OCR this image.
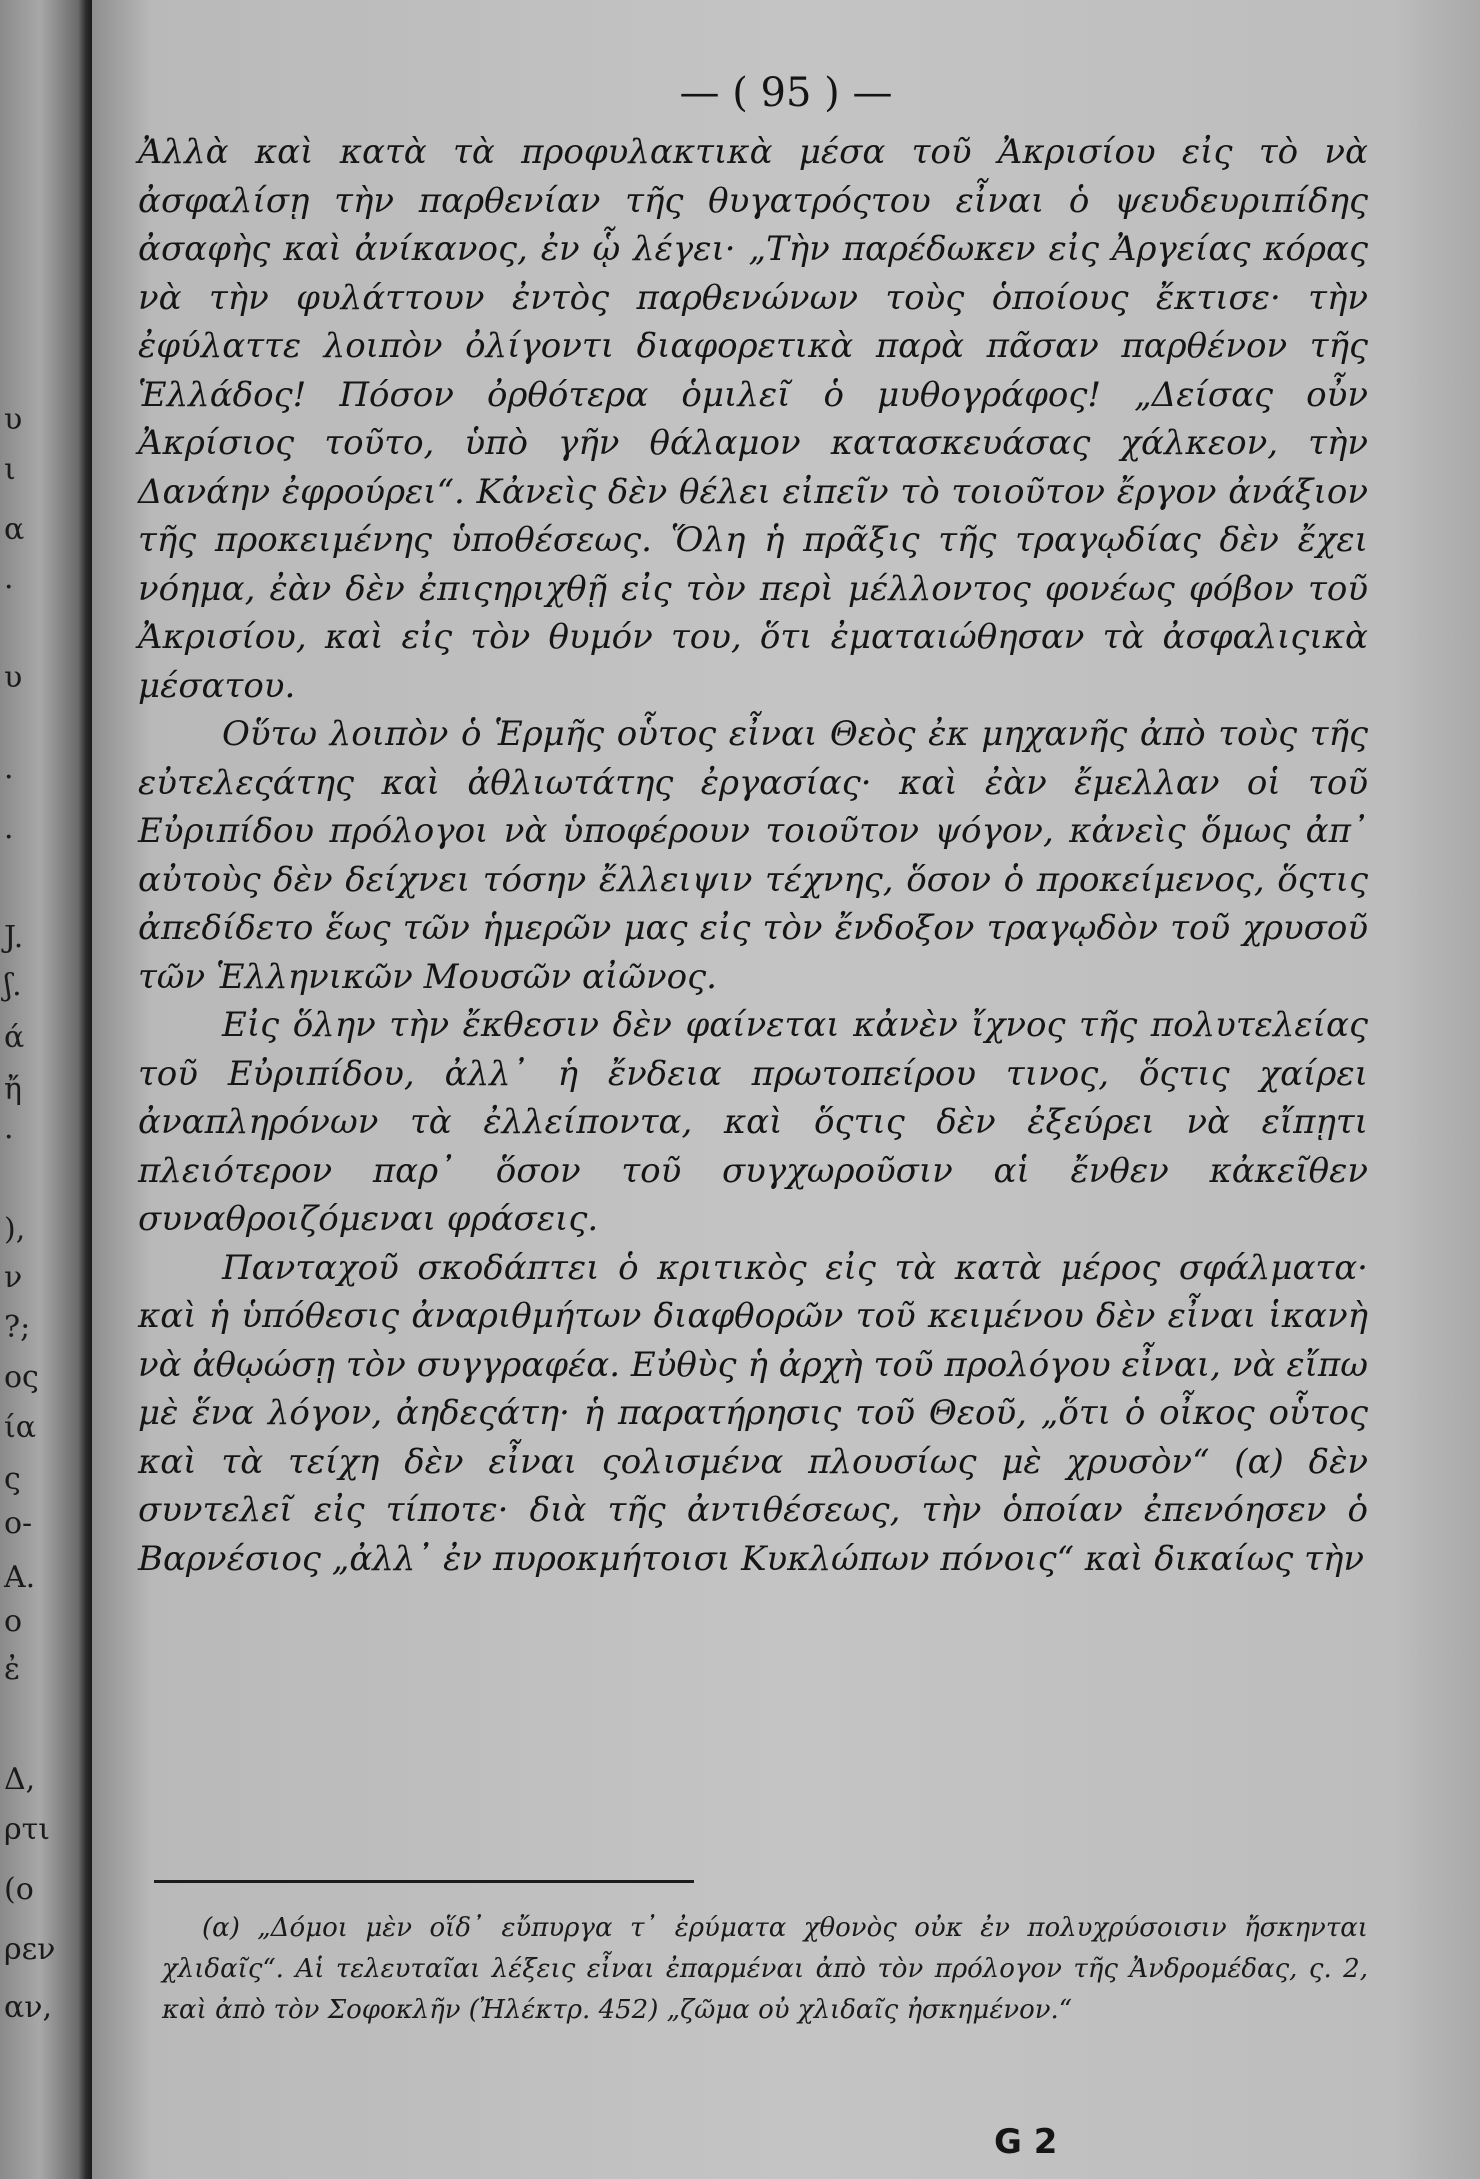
υ
ι
α
·
υ
·
·
J.
ʃ.
ά
ἤ
·
),
ν
?;
ος
ία
ς
ο-
A.
ο
ἐ
Δ,
ρτι
(ο
ρεν
αν,
— ( 95 ) —

Ἀλλὰ καὶ κατὰ τὰ προφυλακτικὰ μέσα τοῦ Ἀκρισίου εἰς τὸ νὰ ἀσφαλίσῃ τὴν παρθενίαν τῆς θυγατρόςτου εἶναι ὁ ψευδευριπίδης ἀσαφὴς καὶ ἀνίκανος, ἐν ᾧ λέγει· „Τὴν παρέδωκεν εἰς Ἀργείας κόρας νὰ τὴν φυλάττουν ἐντὸς παρθενώνων τοὺς ὁποίους ἔκτισε· τὴν ἐφύλαττε λοιπὸν ὀλίγοντι διαφορετικὰ παρὰ πᾶσαν παρθένον τῆς Ἑλλάδος! Πόσον ὀρθότερα ὁμιλεῖ ὁ μυθογράφος! „Δείσας οὖν Ἀκρίσιος τοῦτο, ὑπὸ γῆν θάλαμον κατασκευάσας χάλκεον, τὴν Δανάην ἐφρούρει“. Κἀνεὶς δὲν θέλει εἰπεῖν τὸ τοιοῦτον ἔργον ἀνάξιον τῆς προκειμένης ὑποθέσεως. Ὅλη ἡ πρᾶξις τῆς τραγῳδίας δὲν ἔχει νόημα, ἐὰν δὲν ἐπιςηριχθῇ εἰς τὸν περὶ μέλλοντος φονέως φόβον τοῦ Ἀκρισίου, καὶ εἰς τὸν θυμόν του, ὅτι ἐματαιώθησαν τὰ ἀσφαλιςικὰ μέσατου.

Οὕτω λοιπὸν ὁ Ἑρμῆς οὗτος εἶναι Θεὸς ἐκ μηχανῆς ἀπὸ τοὺς τῆς εὐτελεςάτης καὶ ἀθλιωτάτης ἐργασίας· καὶ ἐὰν ἔμελλαν οἱ τοῦ Εὐριπίδου πρόλογοι νὰ ὑποφέρουν τοιοῦτον ψόγον, κἀνεὶς ὅμως ἀπ᾽ αὐτοὺς δὲν δείχνει τόσην ἔλλειψιν τέχνης, ὅσον ὁ προκείμενος, ὅςτις ἀπεδίδετο ἕως τῶν ἡμερῶν μας εἰς τὸν ἔνδοξον τραγῳδὸν τοῦ χρυσοῦ τῶν Ἑλληνικῶν Μουσῶν αἰῶνος.

Εἰς ὅλην τὴν ἔκθεσιν δὲν φαίνεται κἀνὲν ἴχνος τῆς πολυτελείας τοῦ Εὐριπίδου, ἀλλ᾽ ἡ ἔνδεια πρωτοπείρου τινος, ὅςτις χαίρει ἀναπληρόνων τὰ ἐλλείποντα, καὶ ὅςτις δὲν ἐξεύρει νὰ εἴπῃτι πλειότερον παρ᾽ ὅσον τοῦ συγχωροῦσιν αἱ ἔνθεν κἀκεῖθεν συναθροιζόμεναι φράσεις.

Πανταχοῦ σκοδάπτει ὁ κριτικὸς εἰς τὰ κατὰ μέρος σφάλματα· καὶ ἡ ὑπόθεσις ἀναριθμήτων διαφθορῶν τοῦ κειμένου δὲν εἶναι ἱκανὴ νὰ ἀθῳώσῃ τὸν συγγραφέα. Εὐθὺς ἡ ἀρχὴ τοῦ προλόγου εἶναι, νὰ εἴπω μὲ ἕνα λόγον, ἀηδεςάτη· ἡ παρατήρησις τοῦ Θεοῦ, „ὅτι ὁ οἶκος οὗτος καὶ τὰ τείχη δὲν εἶναι ςολισμένα πλουσίως μὲ χρυσὸν“ (α) δὲν συντελεῖ εἰς τίποτε· διὰ τῆς ἀντιθέσεως, τὴν ὁποίαν ἐπενόησεν ὁ Βαρνέσιος „ἀλλ᾽ ἐν πυροκμήτοισι Κυκλώπων πόνοις“ καὶ δικαίως τὴν

(α) „Δόμοι μὲν οἵδ᾽ εὔπυργα τ᾽ ἐρύματα χθονὸς οὐκ ἐν πολυχρύσοισιν ἤσκηνται χλιδαῖς“. Αἱ τελευταῖαι λέξεις εἶναι ἐπαρμέναι ἀπὸ τὸν πρόλογον τῆς Ἀνδρομέδας, ς. 2, καὶ ἀπὸ τὸν Σοφοκλῆν (Ἠλέκτρ. 452) „ζῶμα οὐ χλιδαῖς ἠσκημένον.“

G 2
